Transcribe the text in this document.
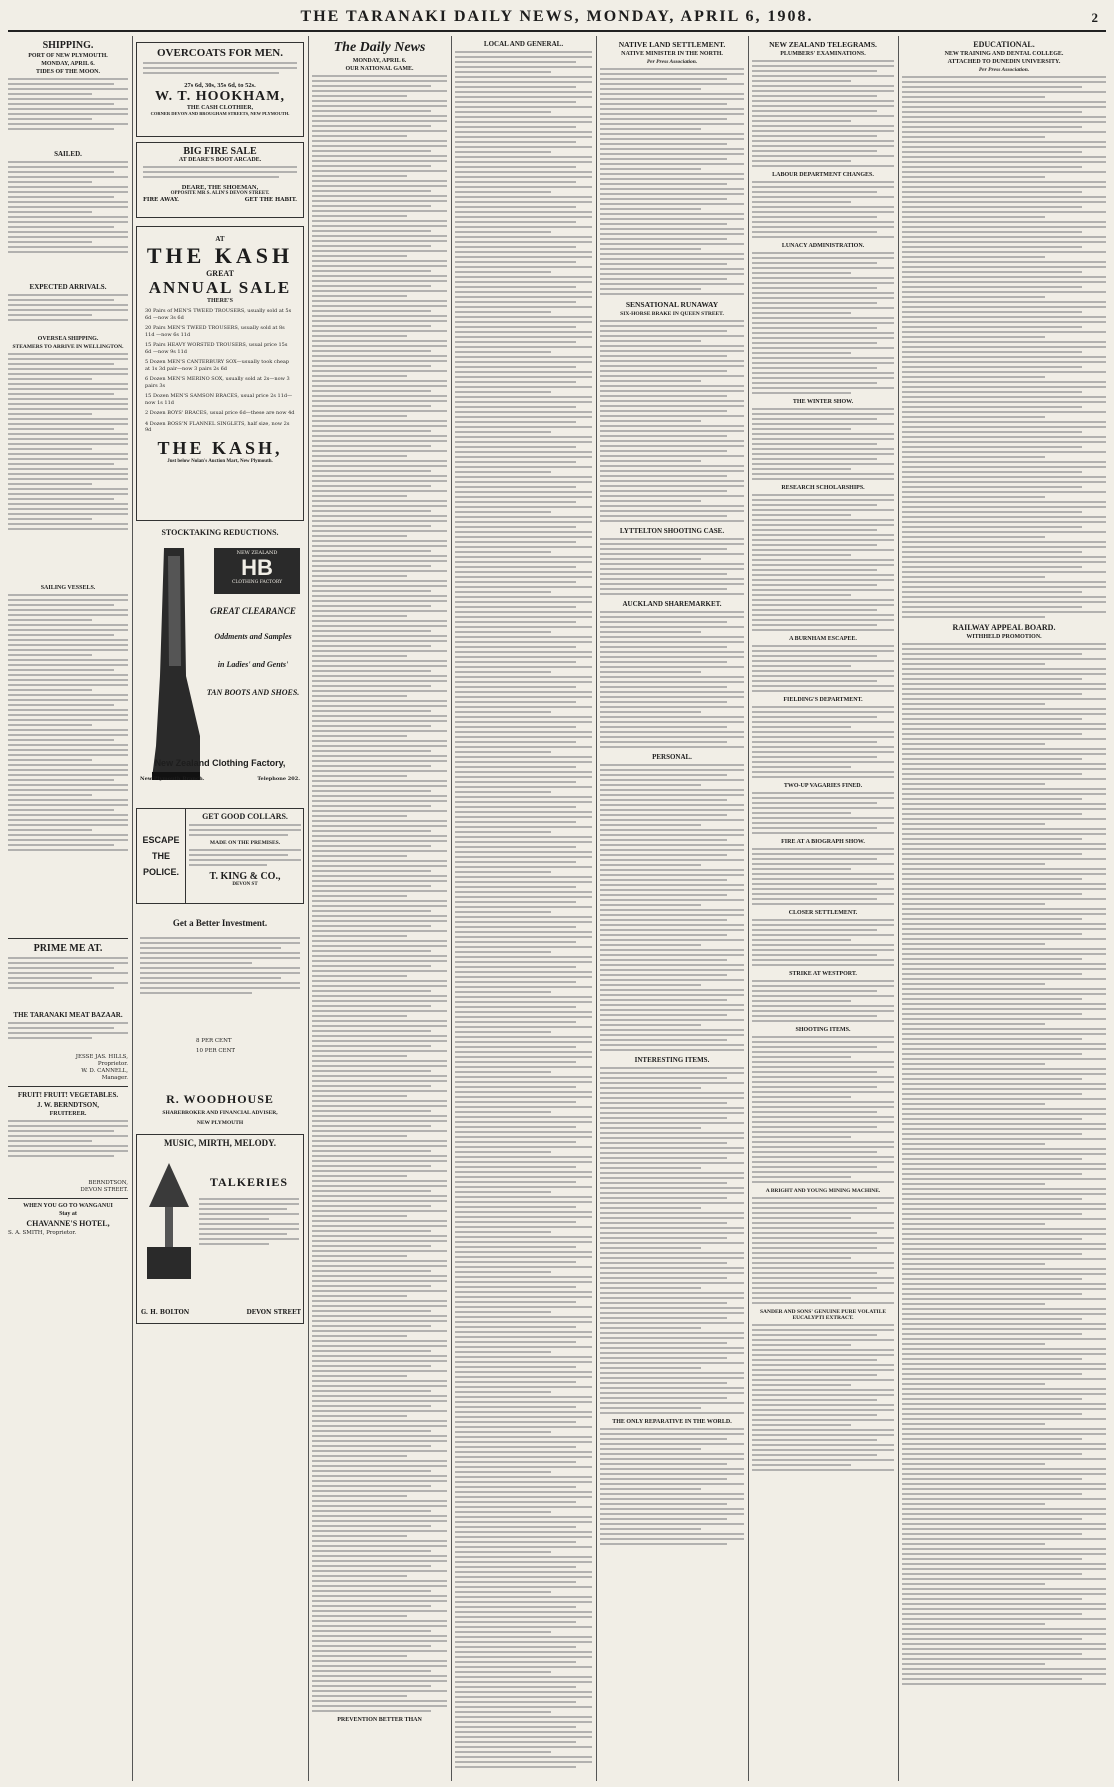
THE TARANAKI DAILY NEWS, MONDAY, APRIL 6, 1908.	2
SHIPPING.
PORT OF NEW PLYMOUTH.
MONDAY, APRIL 6.
TIDES OF THE MOON.
SAILED.
EXPECTED ARRIVALS.
OVERSEA SHIPPING.
STEAMERS TO ARRIVE IN WELLINGTON.
SAILING VESSELS.
PRIME ME AT.
THE TARANAKI MEAT BAZAAR.
JESSE JAS. HILLS,
Proprietor.
W. D. CANNELL,
Manager.
FRUIT! FRUIT! VEGETABLES.
J. W. BERNDTSON,
FRUITERER.
BERNDTSON,
DEVON STREET.
WHEN YOU GO TO WANGANUI
Stay at
CHAVANNE'S HOTEL,
S. A. SMITH, Proprietor.
OVERCOATS FOR MEN.
27s 6d, 30s, 35s 6d, to 52s.
W. T. HOOKHAM,
THE CASH CLOTHIER,
CORNER DEVON AND BROUGHAM STREETS, NEW PLYMOUTH.
BIG FIRE SALE
AT DEARE'S BOOT ARCADE.
DEARE, THE SHOEMAN,
OPPOSITE MR S. ALIN'S DEVON STREET.
FIRE AWAY.	GET THE HABIT.
AT
THE KASH
GREAT
ANNUAL SALE
THERE'S
30 Pairs of MEN'S TWEED TROUSERS, usually sold at 5s 6d —now 3s 6d
20 Pairs MEN'S TWEED TROUSERS, usually sold at 8s 11d —now 6s 11d
15 Pairs HEAVY WORSTED TROUSERS, usual price 15s 6d —now 9s 11d
5 Dozen MEN'S CANTERBURY SOX—usually took cheap at 1s 3d pair—now 3 pairs 2s 6d
6 Dozen MEN'S MERINO SOX, usually sold at 2s—now 3 pairs 3s
15 Dozen MEN'S SAMSON BRACES, usual price 2s 11d—now 1s 11d
2 Dozen BOYS' BRACES, usual price 6d—these are now 4d
4 Dozen BOSS'N FLANNEL SINGLETS, half size, now 2s 9d
THE KASH,
Just below Nolan's Auction Mart, New Plymouth.
STOCKTAKING REDUCTIONS.
NEW ZEALAND
HB
CLOTHING FACTORY
GREAT CLEARANCE
Oddments and Samples
in Ladies' and Gents'
TAN BOOTS AND SHOES.
New Zealand Clothing Factory,
New Plymouth Branch.	Telephone 202.
ESCAPE
THE
POLICE.
GET GOOD COLLARS.
MADE ON THE PREMISES.
T. KING & CO.,
DEVON ST
Get a Better Investment.
8 PER CENT
10 PER CENT
R. WOODHOUSE
SHAREBROKER AND FINANCIAL ADVISER,
NEW PLYMOUTH
MUSIC, MIRTH, MELODY.
TALKERIES
G. H. BOLTON	DEVON STREET
The Daily News
MONDAY, APRIL 6.
OUR NATIONAL GAME.
PREVENTION BETTER THAN
LOCAL AND GENERAL.	NATIVE LAND SETTLEMENT.
NATIVE MINISTER IN THE NORTH.
Per Press Association.
SENSATIONAL RUNAWAY
SIX-HORSE BRAKE IN QUEEN STREET.
LYTTELTON SHOOTING CASE.
AUCKLAND SHAREMARKET.
PERSONAL.
INTERESTING ITEMS.
THE ONLY REPARATIVE IN THE WORLD.
NEW ZEALAND TELEGRAMS.
PLUMBERS' EXAMINATIONS.
LABOUR DEPARTMENT CHANGES.
LUNACY ADMINISTRATION.
THE WINTER SHOW.
RESEARCH SCHOLARSHIPS.
A BURNHAM ESCAPEE.
FIELDING'S DEPARTMENT.
TWO-UP VAGARIES FINED.
FIRE AT A BIOGRAPH SHOW.
CLOSER SETTLEMENT.
STRIKE AT WESTPORT.
SHOOTING ITEMS.
A BRIGHT AND YOUNG MINING MACHINE.
SANDER AND SONS' GENUINE PURE VOLATILE EUCALYPTI EXTRACT.
EDUCATIONAL.
NEW TRAINING AND DENTAL COLLEGE.
ATTACHED TO DUNEDIN UNIVERSITY.
Per Press Association.
RAILWAY APPEAL BOARD.
WITHHELD PROMOTION.
